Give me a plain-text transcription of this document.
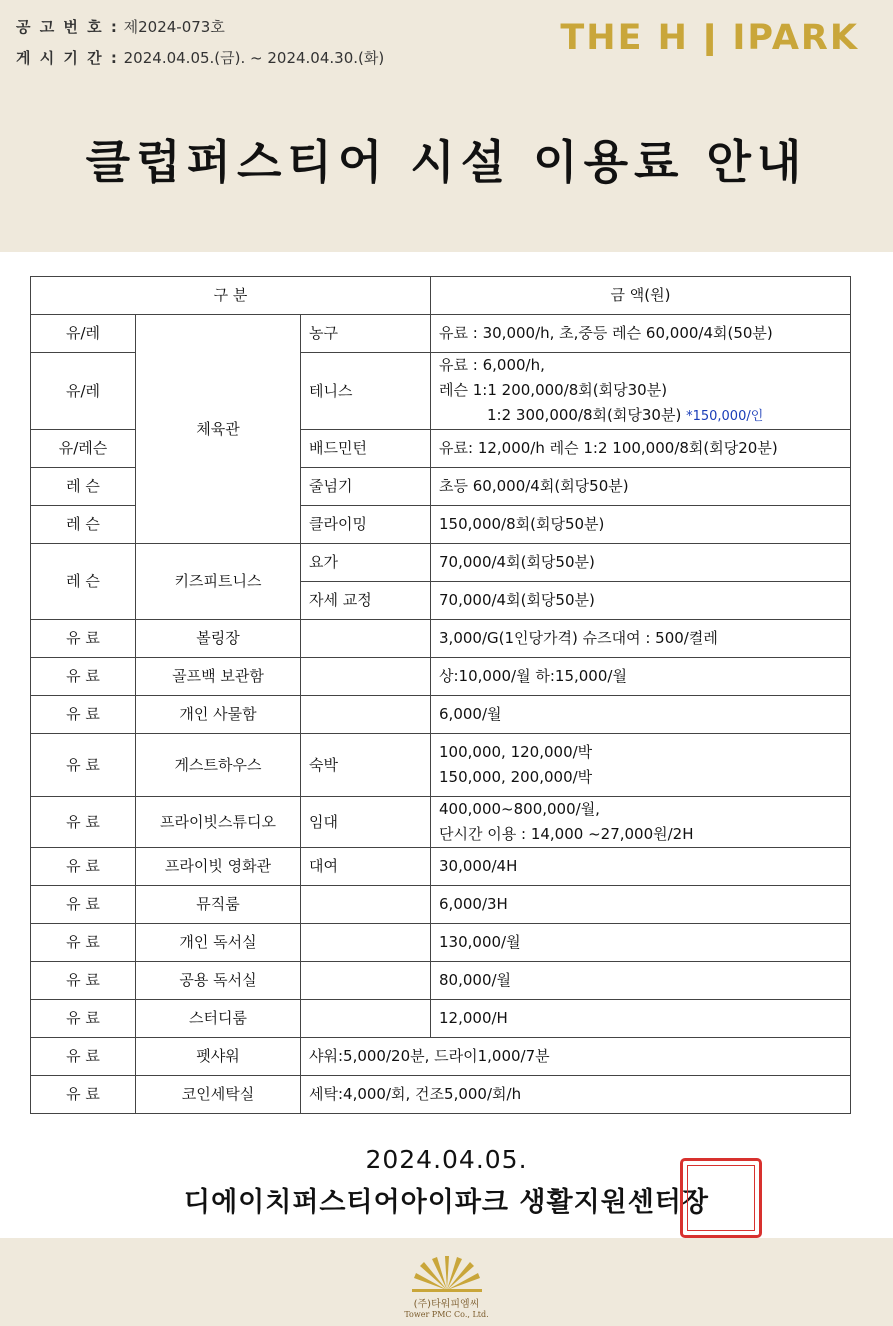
공 고 번 호 : 제2024-073호
게 시 기 간 : 2024.04.05.(금). ~ 2024.04.30.(화)	THE H ǀ IPARK
클럽퍼스티어 시설 이용료 안내
구 분			금 액(원)
유/레	체육관	농구	유료 : 30,000/h, 초,중등 레슨 60,000/4회(50분)
유/레		테니스	유료 : 6,000/h,
레슨 1:1 200,000/8회(회당30분)
1:2 300,000/8회(회당30분) *150,000/인

유/레슨		배드민턴	유료: 12,000/h 레슨 1:2 100,000/8회(회당20분)
레 슨		줄넘기	초등 60,000/4회(회당50분)
레 슨		클라이밍	150,000/8회(회당50분)
레 슨	키즈피트니스	요가	70,000/4회(회당50분)
		자세 교정	70,000/4회(회당50분)
유 료	볼링장		3,000/G(1인당가격) 슈즈대여 : 500/켤레
유 료	골프백 보관함		상:10,000/월 하:15,000/월
유 료	개인 사물함		6,000/월
유 료	게스트하우스	숙박	100,000, 120,000/박
150,000, 200,000/박

유 료	프라이빗스튜디오	임대	400,000~800,000/월,
단시간 이용 : 14,000 ~27,000원/2H

유 료	프라이빗 영화관	대여	30,000/4H
유 료	뮤직룸		6,000/3H
유 료	개인 독서실		130,000/월
유 료	공용 독서실		80,000/월
유 료	스터디룸		12,000/H
유 료	펫샤워	샤워:5,000/20분, 드라이1,000/7분	
유 료	코인세탁실	세탁:4,000/회, 건조5,000/회/h	
2024.04.05.
디에이치퍼스티어아이파크 생활지원센터장
(주)타워피엠씨
Tower PMC Co., Ltd.
